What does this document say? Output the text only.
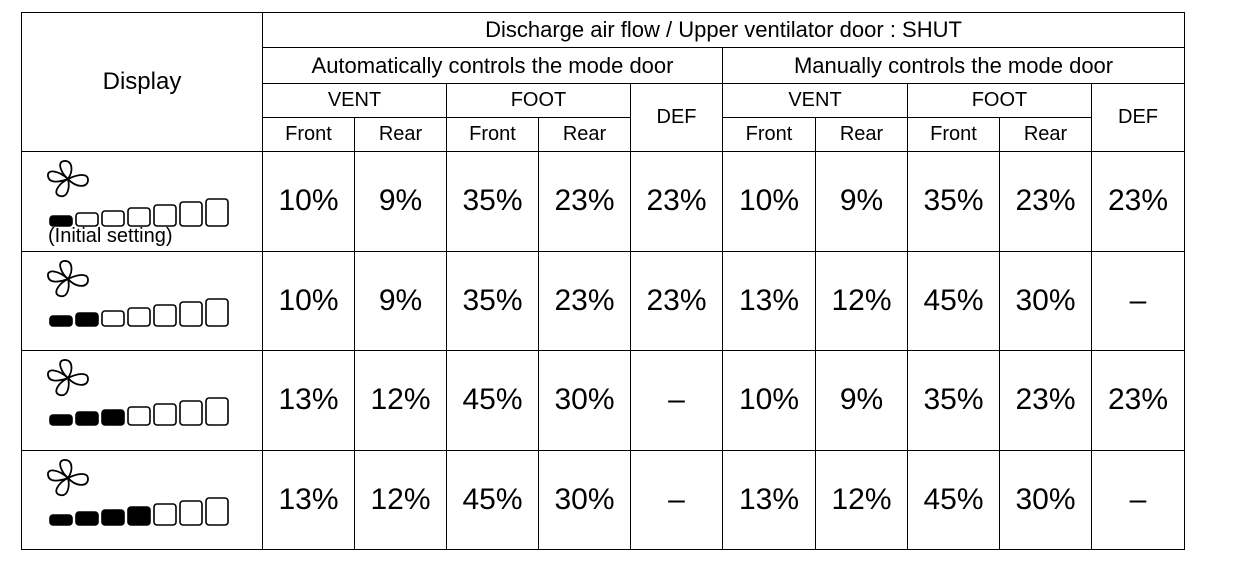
Display	Discharge air flow / Upper ventilator door : SHUT									
	Automatically controls the mode door					Manually controls the mode door				
	VENT		FOOT		DEF	VENT		FOOT		DEF
	Front	Rear	Front	Rear		Front	Rear	Front	Rear	

(Initial setting)	10%	9%	35%	23%	23%	10%	9%	35%	23%	23%

	10%	9%	35%	23%	23%	13%	12%	45%	30%	–

	13%	12%	45%	30%	–	10%	9%	35%	23%	23%

	13%	12%	45%	30%	–	13%	12%	45%	30%	–
